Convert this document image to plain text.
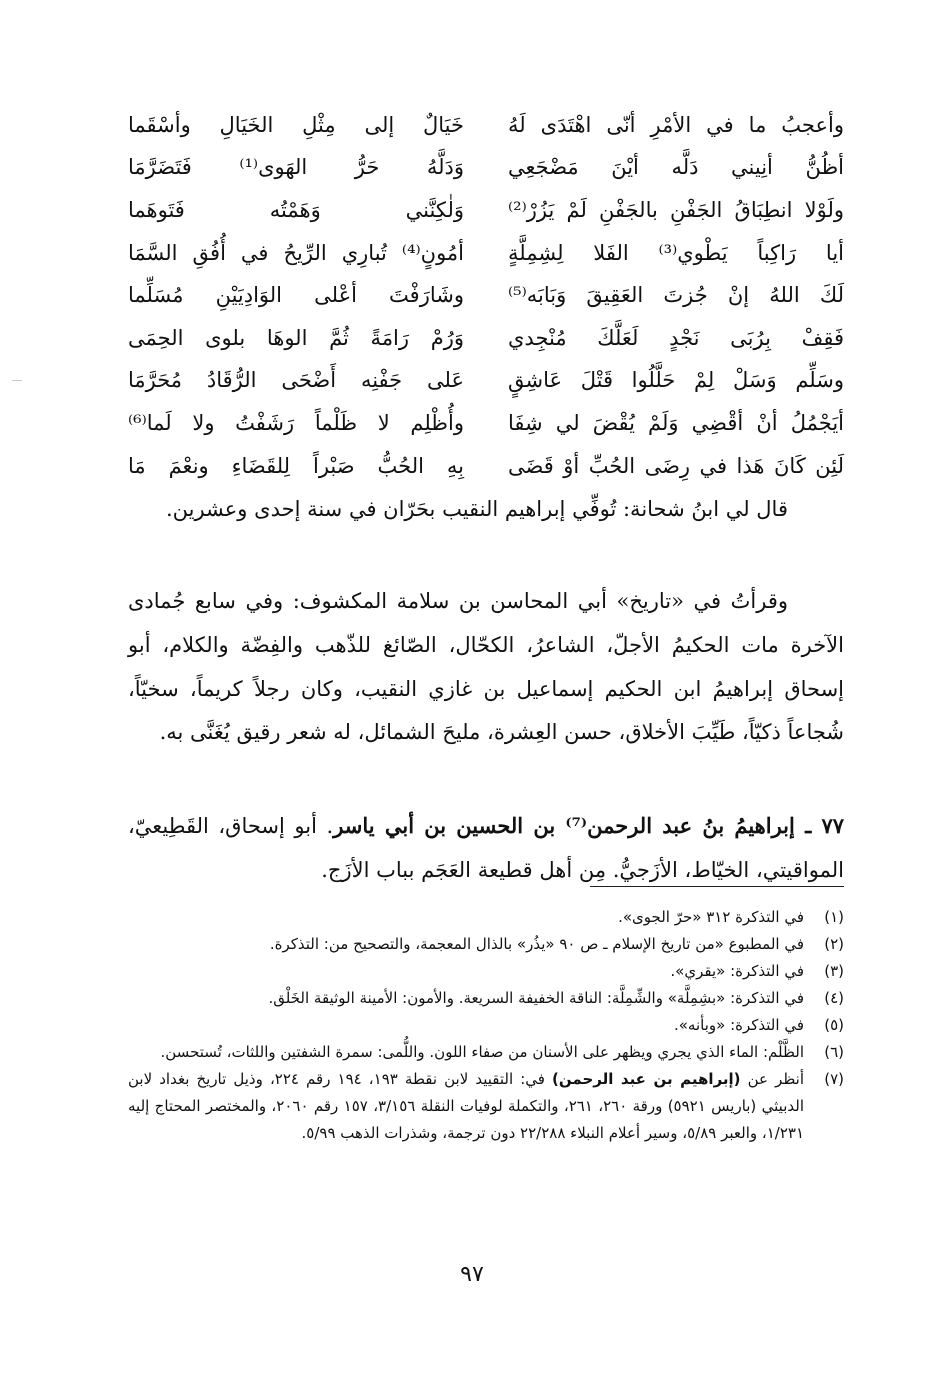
وأعجبُ ما في الأمْرِ أنّى اهْتَدَى لَهُ
خَيَالٌ إلى مِثْلِ الخَيَالِ وأسْقَما
أظُنُّ أنِيني دَلَّه أيْنَ مَضْجَعِي
وَدَلَّهُ حَرُّ الهَوى⁽¹⁾ فَتَضَرَّمَا
ولَوْلا انطِبَاقُ الجَفْنِ بالجَفْنِ لَمْ يَزُرْ⁽²⁾
وَلٰكِنَّني وَهَمْتُه فَتَوهَما
أيا رَاكِباً يَطْوي⁽³⁾ الفَلا لِشِمِلَّةٍ
أمُونٍ⁽⁴⁾ تُبارِي الرِّيحُ في أُفُقِ السَّمَا
لَكَ اللهُ إنْ جُزتَ العَقِيقَ وَبَابَه⁽⁵⁾
وشَارَفْتَ أعْلى الوَادِيَيْنِ مُسَلِّما
فَقِفْ بِرُبَى نَجْدٍ لَعَلَّكَ مُنْجِدي
وَرُمْ رَامَةً ثُمَّ الوهَا بلوى الحِمَى
وسَلِّم وَسَلْ لِمْ حَلَّلُوا قَتْلَ عَاشِقٍ
عَلى جَفْنِه أَضْحَى الرُّقَادُ مُحَرَّمَا
أيَجْمُلُ أنْ أقْضِي وَلَمْ يُقْضَ لي شِفَا
وأُظْلِم لا ظَلْماً رَشَفْتُ ولا لَما⁽⁶⁾
لَئِن كَانَ هَذا في رِضَى الحُبِّ أوْ قَضَى
بِهِ الحُبُّ صَبْراً لِلقَضَاءِ ونعْمَ مَا

قال لي ابنُ شحانة: تُوفِّي إبراهيم النقيب بحَرّان في سنة إحدى وعشرين.

وقرأتُ في «تاريخ» أبي المحاسن بن سلامة المكشوف: وفي سابع جُمادى الآخرة مات الحكيمُ الأجلّ، الشاعرُ، الكحّال، الصّائغ للذّهب والفِضّة والكلام، أبو إسحاق إبراهيمُ ابن الحكيم إسماعيل بن غازي النقيب، وكان رجلاً كريماً، سخيّاً، شُجاعاً ذكيّاً، طَيِّبَ الأخلاق، حسن العِشرة، مليحَ الشمائل، له شعر رقيق يُغَنَّى به.

٧٧ ـ إبراهيمُ بنُ عبد الرحمن⁽⁷⁾ بن الحسين بن أبي ياسر. أبو إسحاق، القَطِيعيّ، المواقيتي، الخيّاط، الأزَجيُّ. مِن أهل قطيعة العَجَم بباب الأزَج.

(١)
في التذكرة ٣١٢ «حرّ الجوى».
(٢)
في المطبوع «من تاريخ الإسلام ـ ص ٩٠ «يذُر» بالذال المعجمة، والتصحيح من: التذكرة.
(٣)
في التذكرة: «يقري».
(٤)
في التذكرة: «بشِمِلَّة» والشِّمِلَّة: الناقة الخفيفة السريعة. والأمون: الأمينة الوثيقة الخَلْق.
(٥)
في التذكرة: «وبأنه».
(٦)
الظَّلْم: الماء الذي يجري ويظهر على الأسنان من صفاء اللون. واللُّمى: سمرة الشفتين واللثات، تُستحسن.
(٧)
أنظر عن (إبراهيم بن عبد الرحمن) في: التقييد لابن نقطة ١٩٣، ١٩٤ رقم ٢٢٤، وذيل تاريخ بغداد لابن الدبيثي (باريس ٥٩٢١) ورقة ٢٦٠، ٢٦١، والتكملة لوفيات النقلة ٣/١٥٦، ١٥٧ رقم ٢٠٦٠، والمختصر المحتاج إليه ١/٢٣١، والعبر ٥/٨٩، وسير أعلام النبلاء ٢٢/٢٨٨ دون ترجمة، وشذرات الذهب ٥/٩٩.
٩٧
